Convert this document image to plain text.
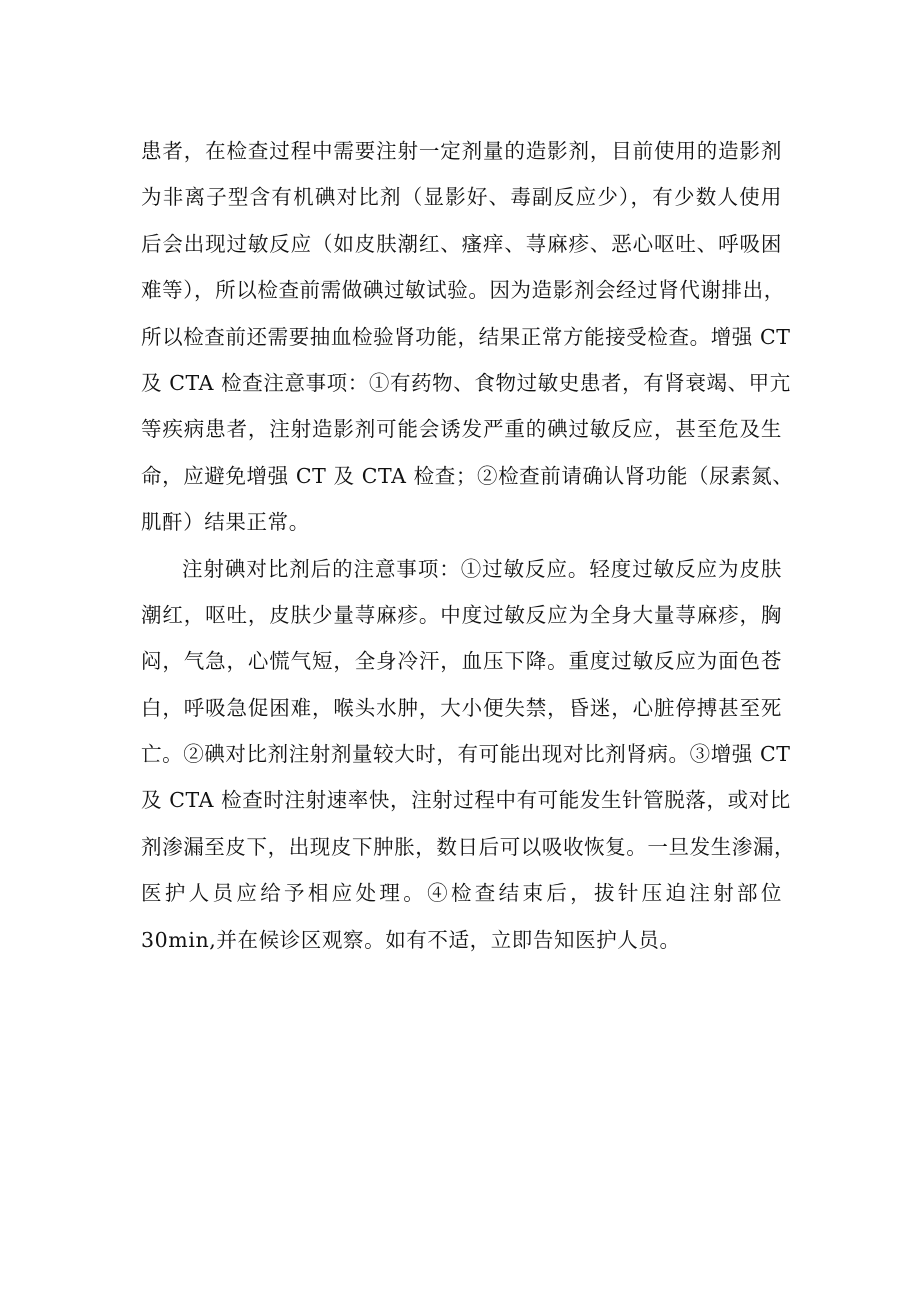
患者，在检查过程中需要注射一定剂量的造影剂，目前使用的造影剂
为非离子型含有机碘对比剂（显影好、毒副反应少），有少数人使用
后会出现过敏反应（如皮肤潮红、瘙痒、荨麻疹、恶心呕吐、呼吸困
难等），所以检查前需做碘过敏试验。因为造影剂会经过肾代谢排出，
所以检查前还需要抽血检验肾功能，结果正常方能接受检查。增强 CT
及 CTA 检查注意事项：①有药物、食物过敏史患者，有肾衰竭、甲亢
等疾病患者，注射造影剂可能会诱发严重的碘过敏反应，甚至危及生
命，应避免增强 CT 及 CTA 检查；②检查前请确认肾功能（尿素氮、
肌酐）结果正常。
注射碘对比剂后的注意事项：①过敏反应。轻度过敏反应为皮肤
潮红，呕吐，皮肤少量荨麻疹。中度过敏反应为全身大量荨麻疹，胸
闷，气急，心慌气短，全身冷汗，血压下降。重度过敏反应为面色苍
白，呼吸急促困难，喉头水肿，大小便失禁，昏迷，心脏停搏甚至死
亡。②碘对比剂注射剂量较大时，有可能出现对比剂肾病。③增强 CT
及 CTA 检查时注射速率快，注射过程中有可能发生针管脱落，或对比
剂渗漏至皮下，出现皮下肿胀，数日后可以吸收恢复。一旦发生渗漏，
医护人员应给予相应处理。④检查结束后，拔针压迫注射部位
30min,并在候诊区观察。如有不适，立即告知医护人员。
